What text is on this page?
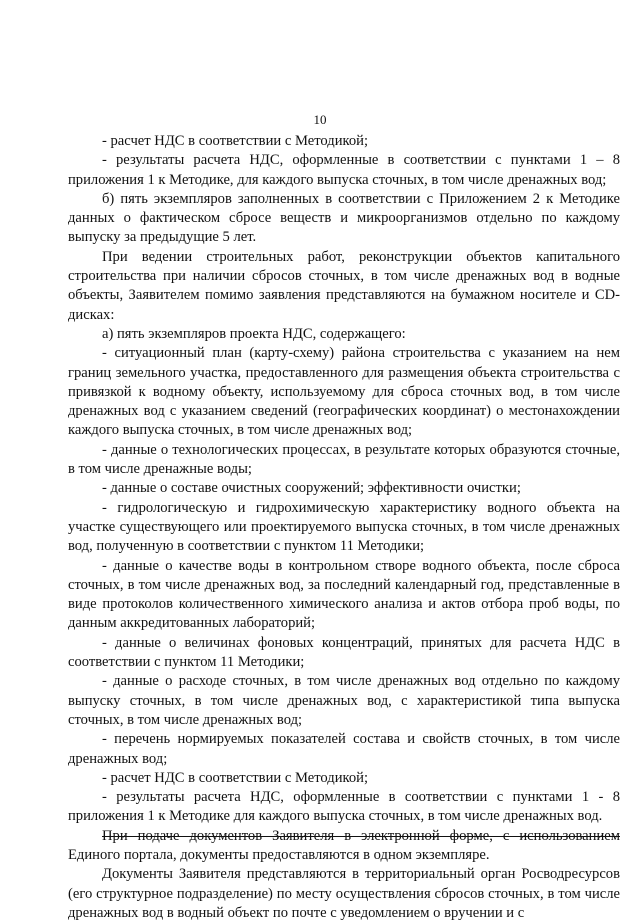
10

- расчет НДС в соответствии с Методикой;

- результаты расчета НДС, оформленные в соответствии с пунктами 1 – 8 приложения 1 к Методике, для каждого выпуска сточных, в том числе дренажных вод;

б) пять экземпляров заполненных в соответствии с Приложением 2 к Методике данных о фактическом сбросе веществ и микроорганизмов отдельно по каждому выпуску за предыдущие 5 лет.

При ведении строительных работ, реконструкции объектов капитального строительства при наличии сбросов сточных, в том числе дренажных вод в водные объекты, Заявителем помимо заявления представляются на бумажном носителе и CD-дисках:

а) пять экземпляров проекта НДС, содержащего:

- ситуационный план (карту-схему) района строительства с указанием на нем границ земельного участка, предоставленного для размещения объекта строительства с привязкой к водному объекту, используемому для сброса сточных вод, в том числе дренажных вод с указанием сведений (географических координат) о местонахождении каждого выпуска сточных, в том числе дренажных вод;

- данные о технологических процессах, в результате которых образуются сточные, в том числе дренажные воды;

- данные о составе очистных сооружений; эффективности очистки;

- гидрологическую и гидрохимическую характеристику водного объекта на участке существующего или проектируемого выпуска сточных, в том числе дренажных вод, полученную в соответствии с пунктом 11 Методики;

- данные о качестве воды в контрольном створе водного объекта, после сброса сточных, в том числе дренажных вод, за последний календарный год, представленные в виде протоколов количественного химического анализа и актов отбора проб воды, по данным аккредитованных лабораторий;

- данные о величинах фоновых концентраций, принятых для расчета НДС в соответствии с пунктом 11 Методики;

- данные о расходе сточных, в том числе дренажных вод отдельно по каждому выпуску сточных, в том числе дренажных вод, с характеристикой типа выпуска сточных, в том числе дренажных вод;

- перечень нормируемых показателей состава и свойств сточных, в том числе дренажных вод;

- расчет НДС в соответствии с Методикой;

- результаты расчета НДС, оформленные в соответствии с пунктами 1 - 8 приложения 1 к Методике для каждого выпуска сточных, в том числе дренажных вод.

При подаче документов Заявителя в электронной форме, с использованием Единого портала, документы предоставляются в одном экземпляре.

Документы Заявителя представляются в территориальный орган Росводресурсов (его структурное подразделение) по месту осуществления сбросов сточных, в том числе дренажных вод в водный объект по почте с уведомлением о вручении и с
